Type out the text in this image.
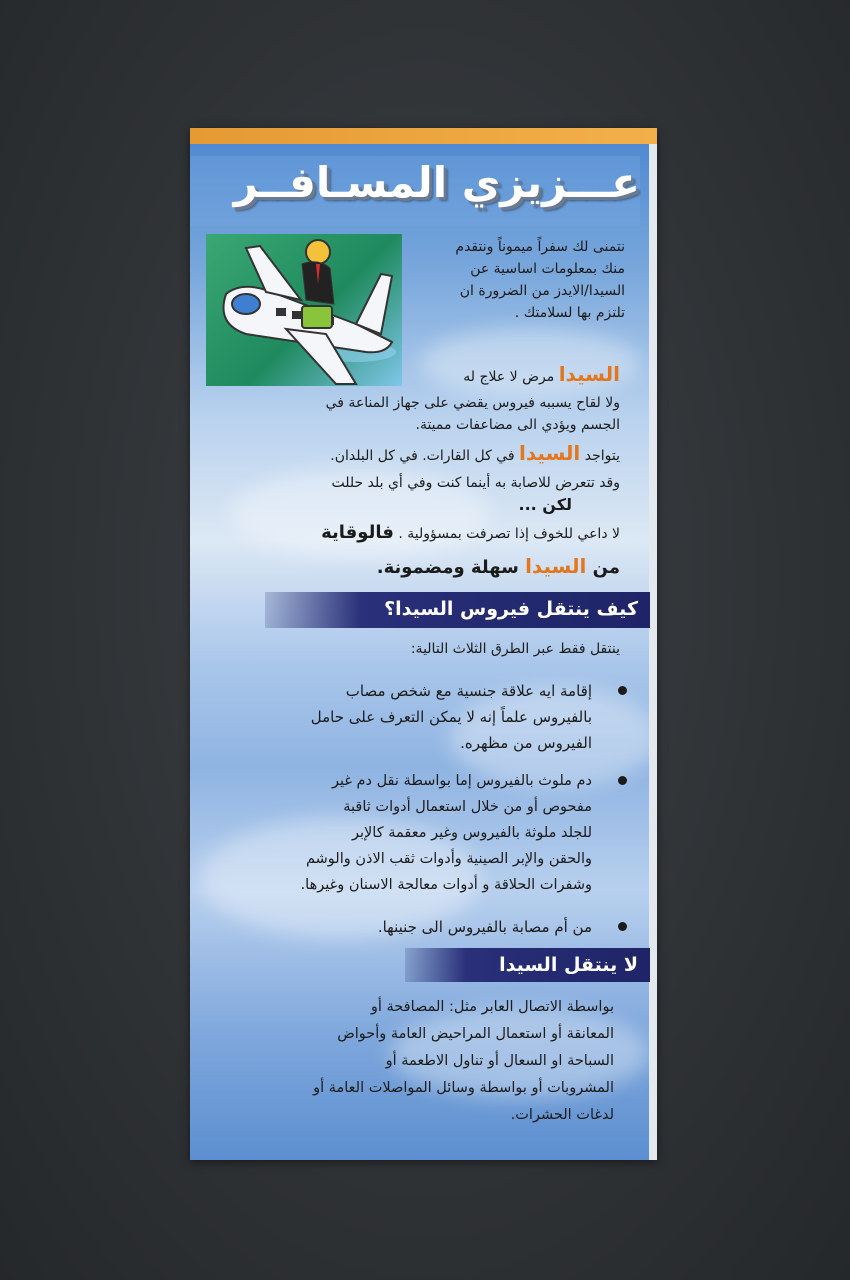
عـــزيزي المسـافــر
نتمنى لك سفراً ميموناً ونتقدم
منك بمعلومات اساسية عن
السيدا/الايدز من الضرورة ان
تلتزم بها لسلامتك .
السيدا مرض لا علاج له
ولا لقاح يسببه فيروس يقضي على جهاز المناعة في
الجسم ويؤدي الى مضاعفات مميتة.
يتواجد السيدا في كل القارات. في كل البلدان.
وقد تتعرض للاصابة به أينما كنت وفي أي بلد حللت
لكن ...
لا داعي للخوف إذا تصرفت بمسؤولية . فالوقاية
من السيدا سهلة ومضمونة.
كيف ينتقل فيروس السيدا؟
ينتقل فقط عبر الطرق الثلاث التالية:
إقامة ايه علاقة جنسية مع شخص مصاب
بالفيروس علماً إنه لا يمكن التعرف على حامل
الفيروس من مظهره.
دم ملوث بالفيروس إما بواسطة نقل دم غير
مفحوص أو من خلال استعمال أدوات ثاقبة
للجلد ملوثة بالفيروس وغير معقمة كالإبر
والحقن والإبر الصينية وأدوات ثقب الاذن والوشم
وشفرات الحلاقة و أدوات معالجة الاسنان وغيرها.
من أم مصابة بالفيروس الى جنينها.
لا ينتقل السيدا
بواسطة الاتصال العابر مثل: المصافحة أو
المعانقة أو استعمال المراحيض العامة وأحواض
السباحة او السعال أو تناول الاطعمة أو
المشروبات أو بواسطة وسائل المواصلات العامة أو
لدغات الحشرات.
